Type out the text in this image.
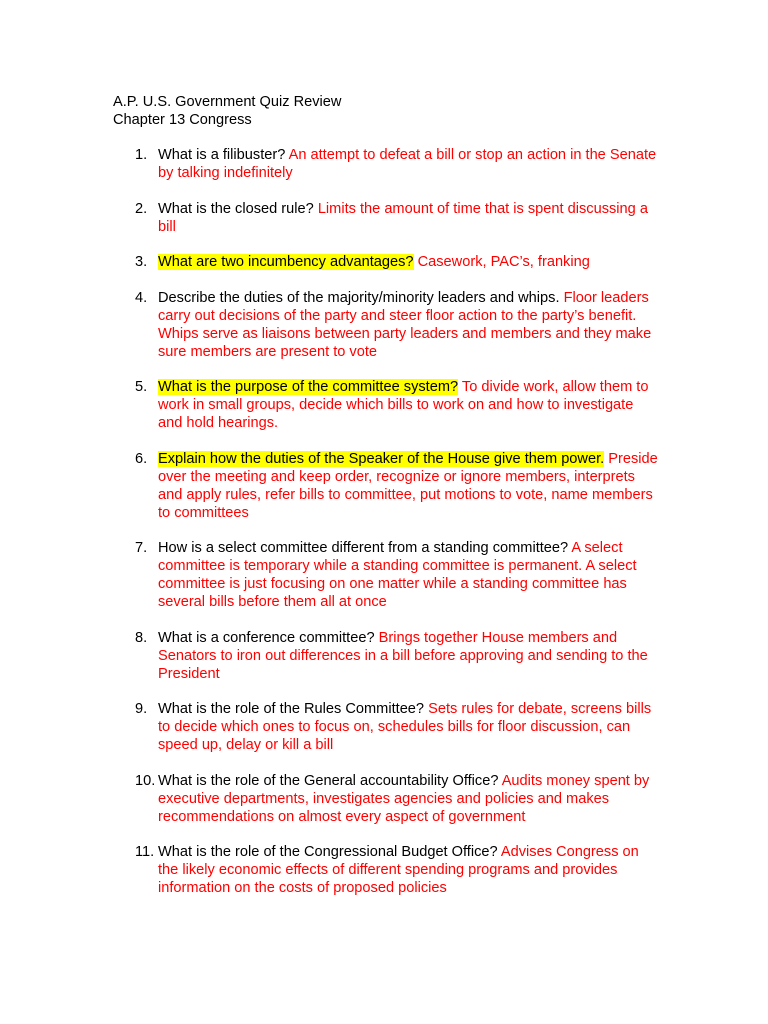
A.P. U.S. Government Quiz Review
Chapter 13 Congress
1. What is a filibuster? An attempt to defeat a bill or stop an action in the Senate by talking indefinitely
2. What is the closed rule? Limits the amount of time that is spent discussing a bill
3. What are two incumbency advantages? Casework, PAC’s, franking
4. Describe the duties of the majority/minority leaders and whips. Floor leaders carry out decisions of the party and steer floor action to the party’s benefit. Whips serve as liaisons between party leaders and members and they make sure members are present to vote
5. What is the purpose of the committee system? To divide work, allow them to work in small groups, decide which bills to work on and how to investigate and hold hearings.
6. Explain how the duties of the Speaker of the House give them power. Preside over the meeting and keep order, recognize or ignore members, interprets and apply rules, refer bills to committee, put motions to vote, name members to committees
7. How is a select committee different from a standing committee? A select committee is temporary while a standing committee is permanent. A select committee is just focusing on one matter while a standing committee has several bills before them all at once
8. What is a conference committee? Brings together House members and Senators to iron out differences in a bill before approving and sending to the President
9. What is the role of the Rules Committee? Sets rules for debate, screens bills to decide which ones to focus on, schedules bills for floor discussion, can speed up, delay or kill a bill
10. What is the role of the General accountability Office? Audits money spent by executive departments, investigates agencies and policies and makes recommendations on almost every aspect of government
11. What is the role of the Congressional Budget Office? Advises Congress on the likely economic effects of different spending programs and provides information on the costs of proposed policies
